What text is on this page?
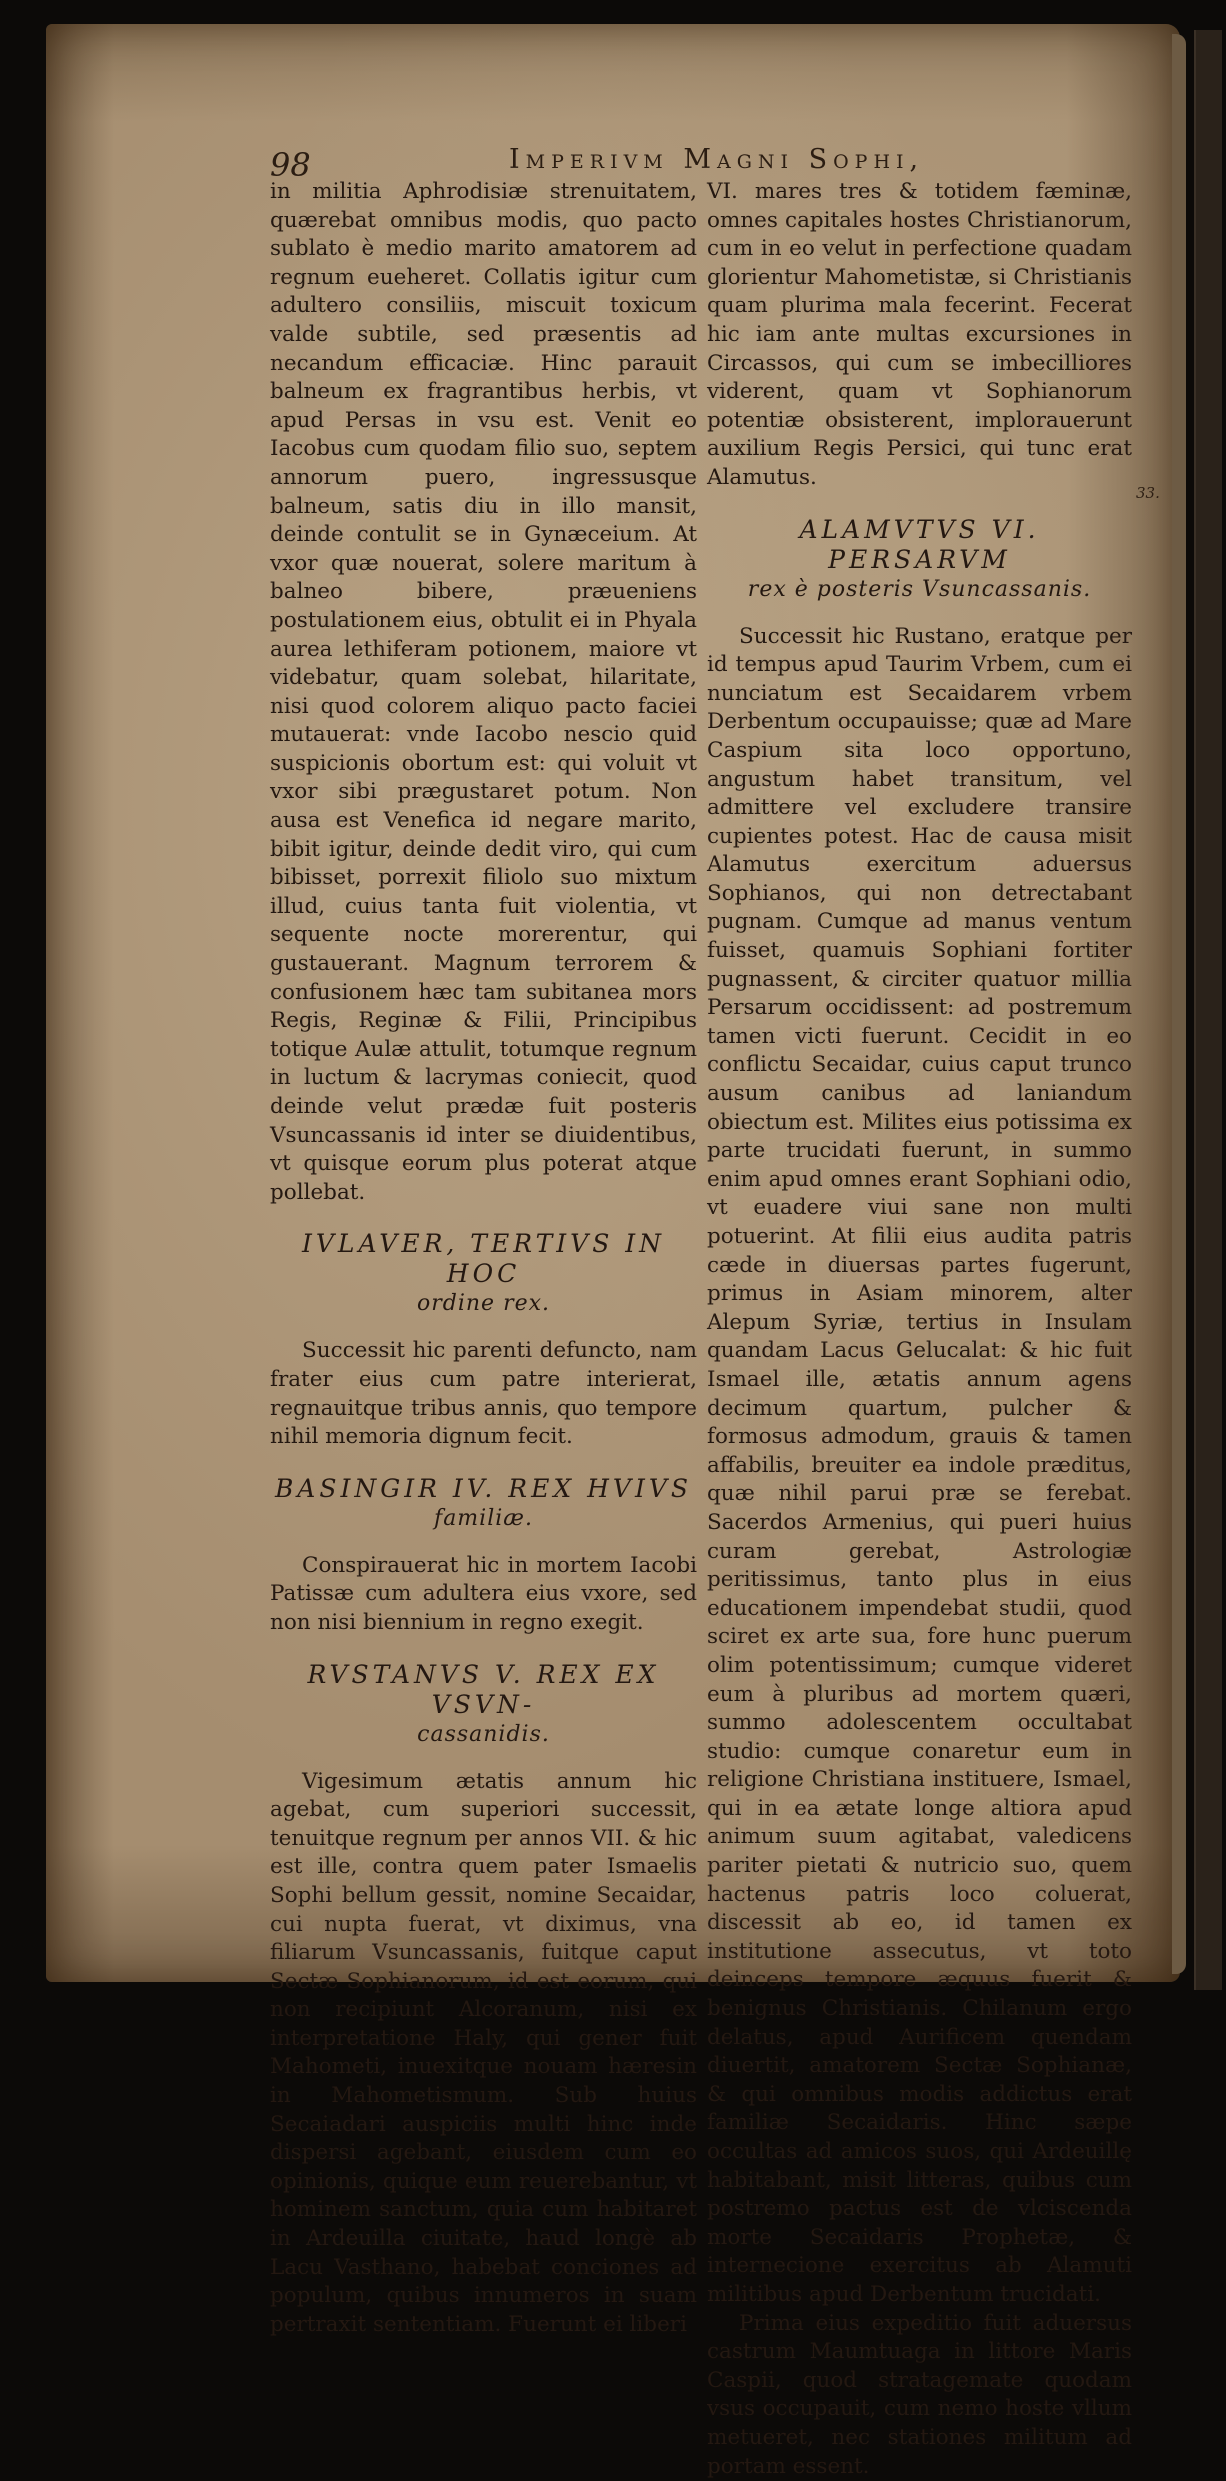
98	Imperivm Magni Sophi,

in militia Aphrodisiæ strenuitatem, quærebat omnibus modis, quo pacto sublato è medio marito amatorem ad regnum eueheret. Collatis igitur cum adultero consiliis, miscuit toxicum valde subtile, sed præsentis ad necandum efficaciæ. Hinc parauit balneum ex fragrantibus herbis, vt apud Persas in vsu est. Venit eo Iacobus cum quodam filio suo, septem annorum puero, ingressusque balneum, satis diu in illo mansit, deinde contulit se in Gynæceium. At vxor quæ nouerat, solere maritum à balneo bibere, præueniens postulationem eius, obtulit ei in Phyala aurea lethiferam potionem, maiore vt videbatur, quam solebat, hilaritate, nisi quod colorem aliquo pacto faciei mutauerat: vnde Iacobo nescio quid suspicionis obortum est: qui voluit vt vxor sibi prægustaret potum. Non ausa est Venefica id negare marito, bibit igitur, deinde dedit viro, qui cum bibisset, porrexit filiolo suo mixtum illud, cuius tanta fuit violentia, vt sequente nocte morerentur, qui gustauerant. Magnum terrorem & confusionem hæc tam subitanea mors Regis, Reginæ & Filii, Principibus totique Aulæ attulit, totumque regnum in luctum & lacrymas coniecit, quod deinde velut prædæ fuit posteris Vsuncassanis id inter se diuidentibus, vt quisque eorum plus poterat atque pollebat.

IVLAVER, TERTIVS IN HOC
ordine rex.

Successit hic parenti defuncto, nam frater eius cum patre interierat, regnauitque tribus annis, quo tempore nihil memoria dignum fecit.

BASINGIR IV. REX HVIVS
familiæ.

Conspirauerat hic in mortem Iacobi Patissæ cum adultera eius vxore, sed non nisi biennium in regno exegit.

RVSTANVS V. REX EX VSVN-
cassanidis.

Vigesimum ætatis annum hic agebat, cum superiori successit, tenuitque regnum per annos VII. & hic est ille, contra quem pater Ismaelis Sophi bellum gessit, nomine Secaidar, cui nupta fuerat, vt diximus, vna filiarum Vsuncassanis, fuitque caput Sectæ Sophianorum, id est eorum, qui non recipiunt Alcoranum, nisi ex interpretatione Haly, qui gener fuit Mahometi, inuexitque nouam hæresin in Mahometismum. Sub huius Secaiadari auspiciis multi hinc inde dispersi agebant, eiusdem cum eo opinionis, quique eum reuerebantur, vt hominem sanctum, quia cum habitaret in Ardeuilla ciuitate, haud longè ab Lacu Vasthano, habebat conciones ad populum, quibus innumeros in suam pertraxit sententiam. Fuerunt ei liberi

VI. mares tres & totidem fæminæ, omnes capitales hostes Christianorum, cum in eo velut in perfectione quadam glorientur Mahometistæ, si Christianis quam plurima mala fecerint. Fecerat hic iam ante multas excursiones in Circassos, qui cum se imbecilliores viderent, quam vt Sophianorum potentiæ obsisterent, implorauerunt auxilium Regis Persici, qui tunc erat Alamutus.

ALAMVTVS VI. PERSARVM
rex è posteris Vsuncassanis.

Successit hic Rustano, eratque per id tempus apud Taurim Vrbem, cum ei nunciatum est Secaidarem vrbem Derbentum occupauisse; quæ ad Mare Caspium sita loco opportuno, angustum habet transitum, vel admittere vel excludere transire cupientes potest. Hac de causa misit Alamutus exercitum aduersus Sophianos, qui non detrectabant pugnam. Cumque ad manus ventum fuisset, quamuis Sophiani fortiter pugnassent, & circiter quatuor millia Persarum occidissent: ad postremum tamen victi fuerunt. Cecidit in eo conflictu Secaidar, cuius caput trunco ausum canibus ad laniandum obiectum est. Milites eius potissima ex parte trucidati fuerunt, in summo enim apud omnes erant Sophiani odio, vt euadere viui sane non multi potuerint. At filii eius audita patris cæde in diuersas partes fugerunt, primus in Asiam minorem, alter Alepum Syriæ, tertius in Insulam quandam Lacus Gelucalat: & hic fuit Ismael ille, ætatis annum agens decimum quartum, pulcher & formosus admodum, grauis & tamen affabilis, breuiter ea indole præditus, quæ nihil parui præ se ferebat. Sacerdos Armenius, qui pueri huius curam gerebat, Astrologiæ peritissimus, tanto plus in eius educationem impendebat studii, quod sciret ex arte sua, fore hunc puerum olim potentissimum; cumque videret eum à pluribus ad mortem quæri, summo adolescentem occultabat studio: cumque conaretur eum in religione Christiana instituere, Ismael, qui in ea ætate longe altiora apud animum suum agitabat, valedicens pariter pietati & nutricio suo, quem hactenus patris loco coluerat, discessit ab eo, id tamen ex institutione assecutus, vt toto deinceps tempore æquus fuerit & benignus Christianis. Chilanum ergo delatus, apud Aurificem quendam diuertit, amatorem Sectæ Sophianæ, & qui omnibus modis addictus erat familiæ Secaidaris. Hinc sæpe occultas ad amicos suos, qui Ardeuillę habitabant, misit litteras, quibus cum postremo pactus est de vlciscenda morte Secaidaris Prophetæ, & internecione exercitus ab Alamuti militibus apud Derbentum trucidati.

Prima eius expeditio fuit aduersus castrum Maumtuaga in littore Maris Caspii, quod stratagemate quodam vsus occupauit, cum nemo hoste vllum metueret, nec stationes militum ad portam essent.

33.
